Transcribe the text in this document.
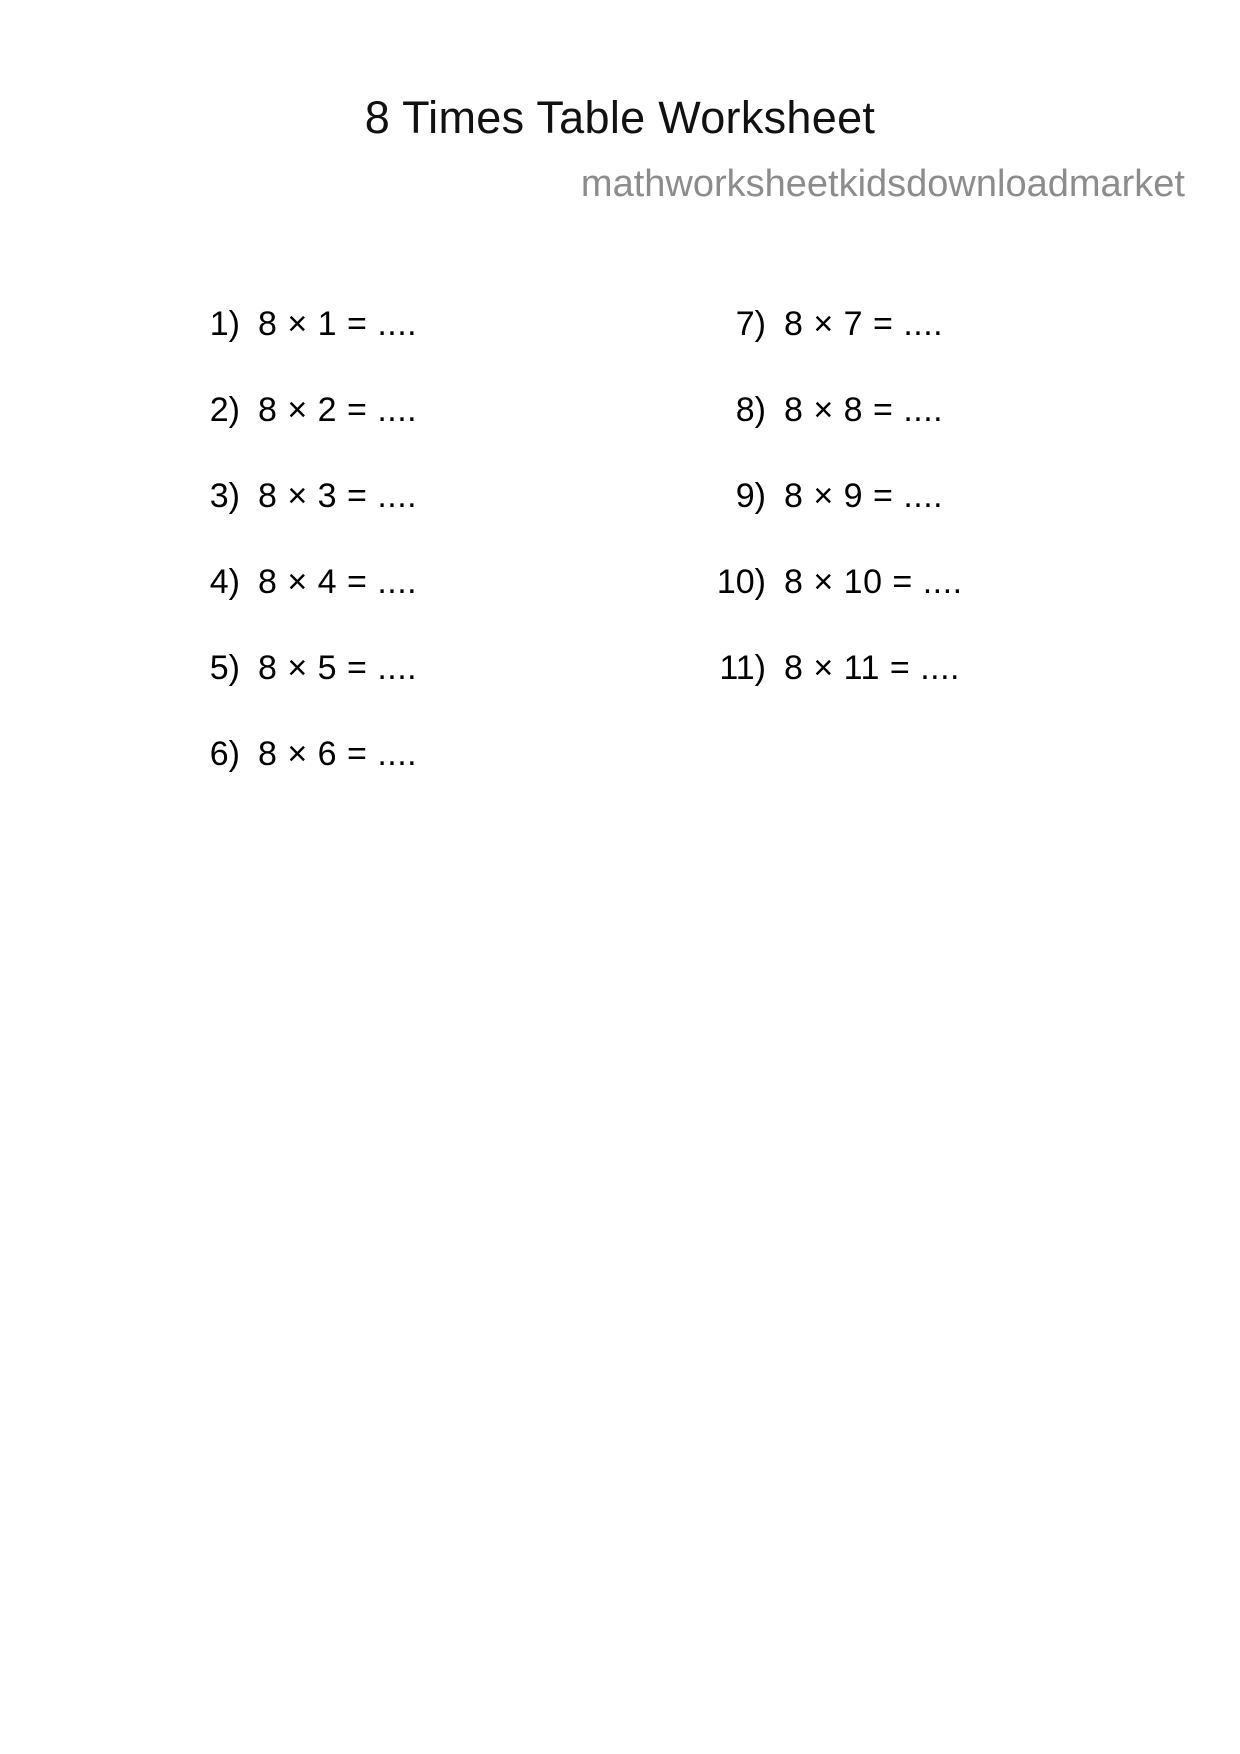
8 Times Table Worksheet
mathworksheetkidsdownloadmarket
1) 8 × 1 = ....
2) 8 × 2 = ....
3) 8 × 3 = ....
4) 8 × 4 = ....
5) 8 × 5 = ....
6) 8 × 6 = ....
7) 8 × 7 = ....
8) 8 × 8 = ....
9) 8 × 9 = ....
10) 8 × 10 = ....
11) 8 × 11 = ....
